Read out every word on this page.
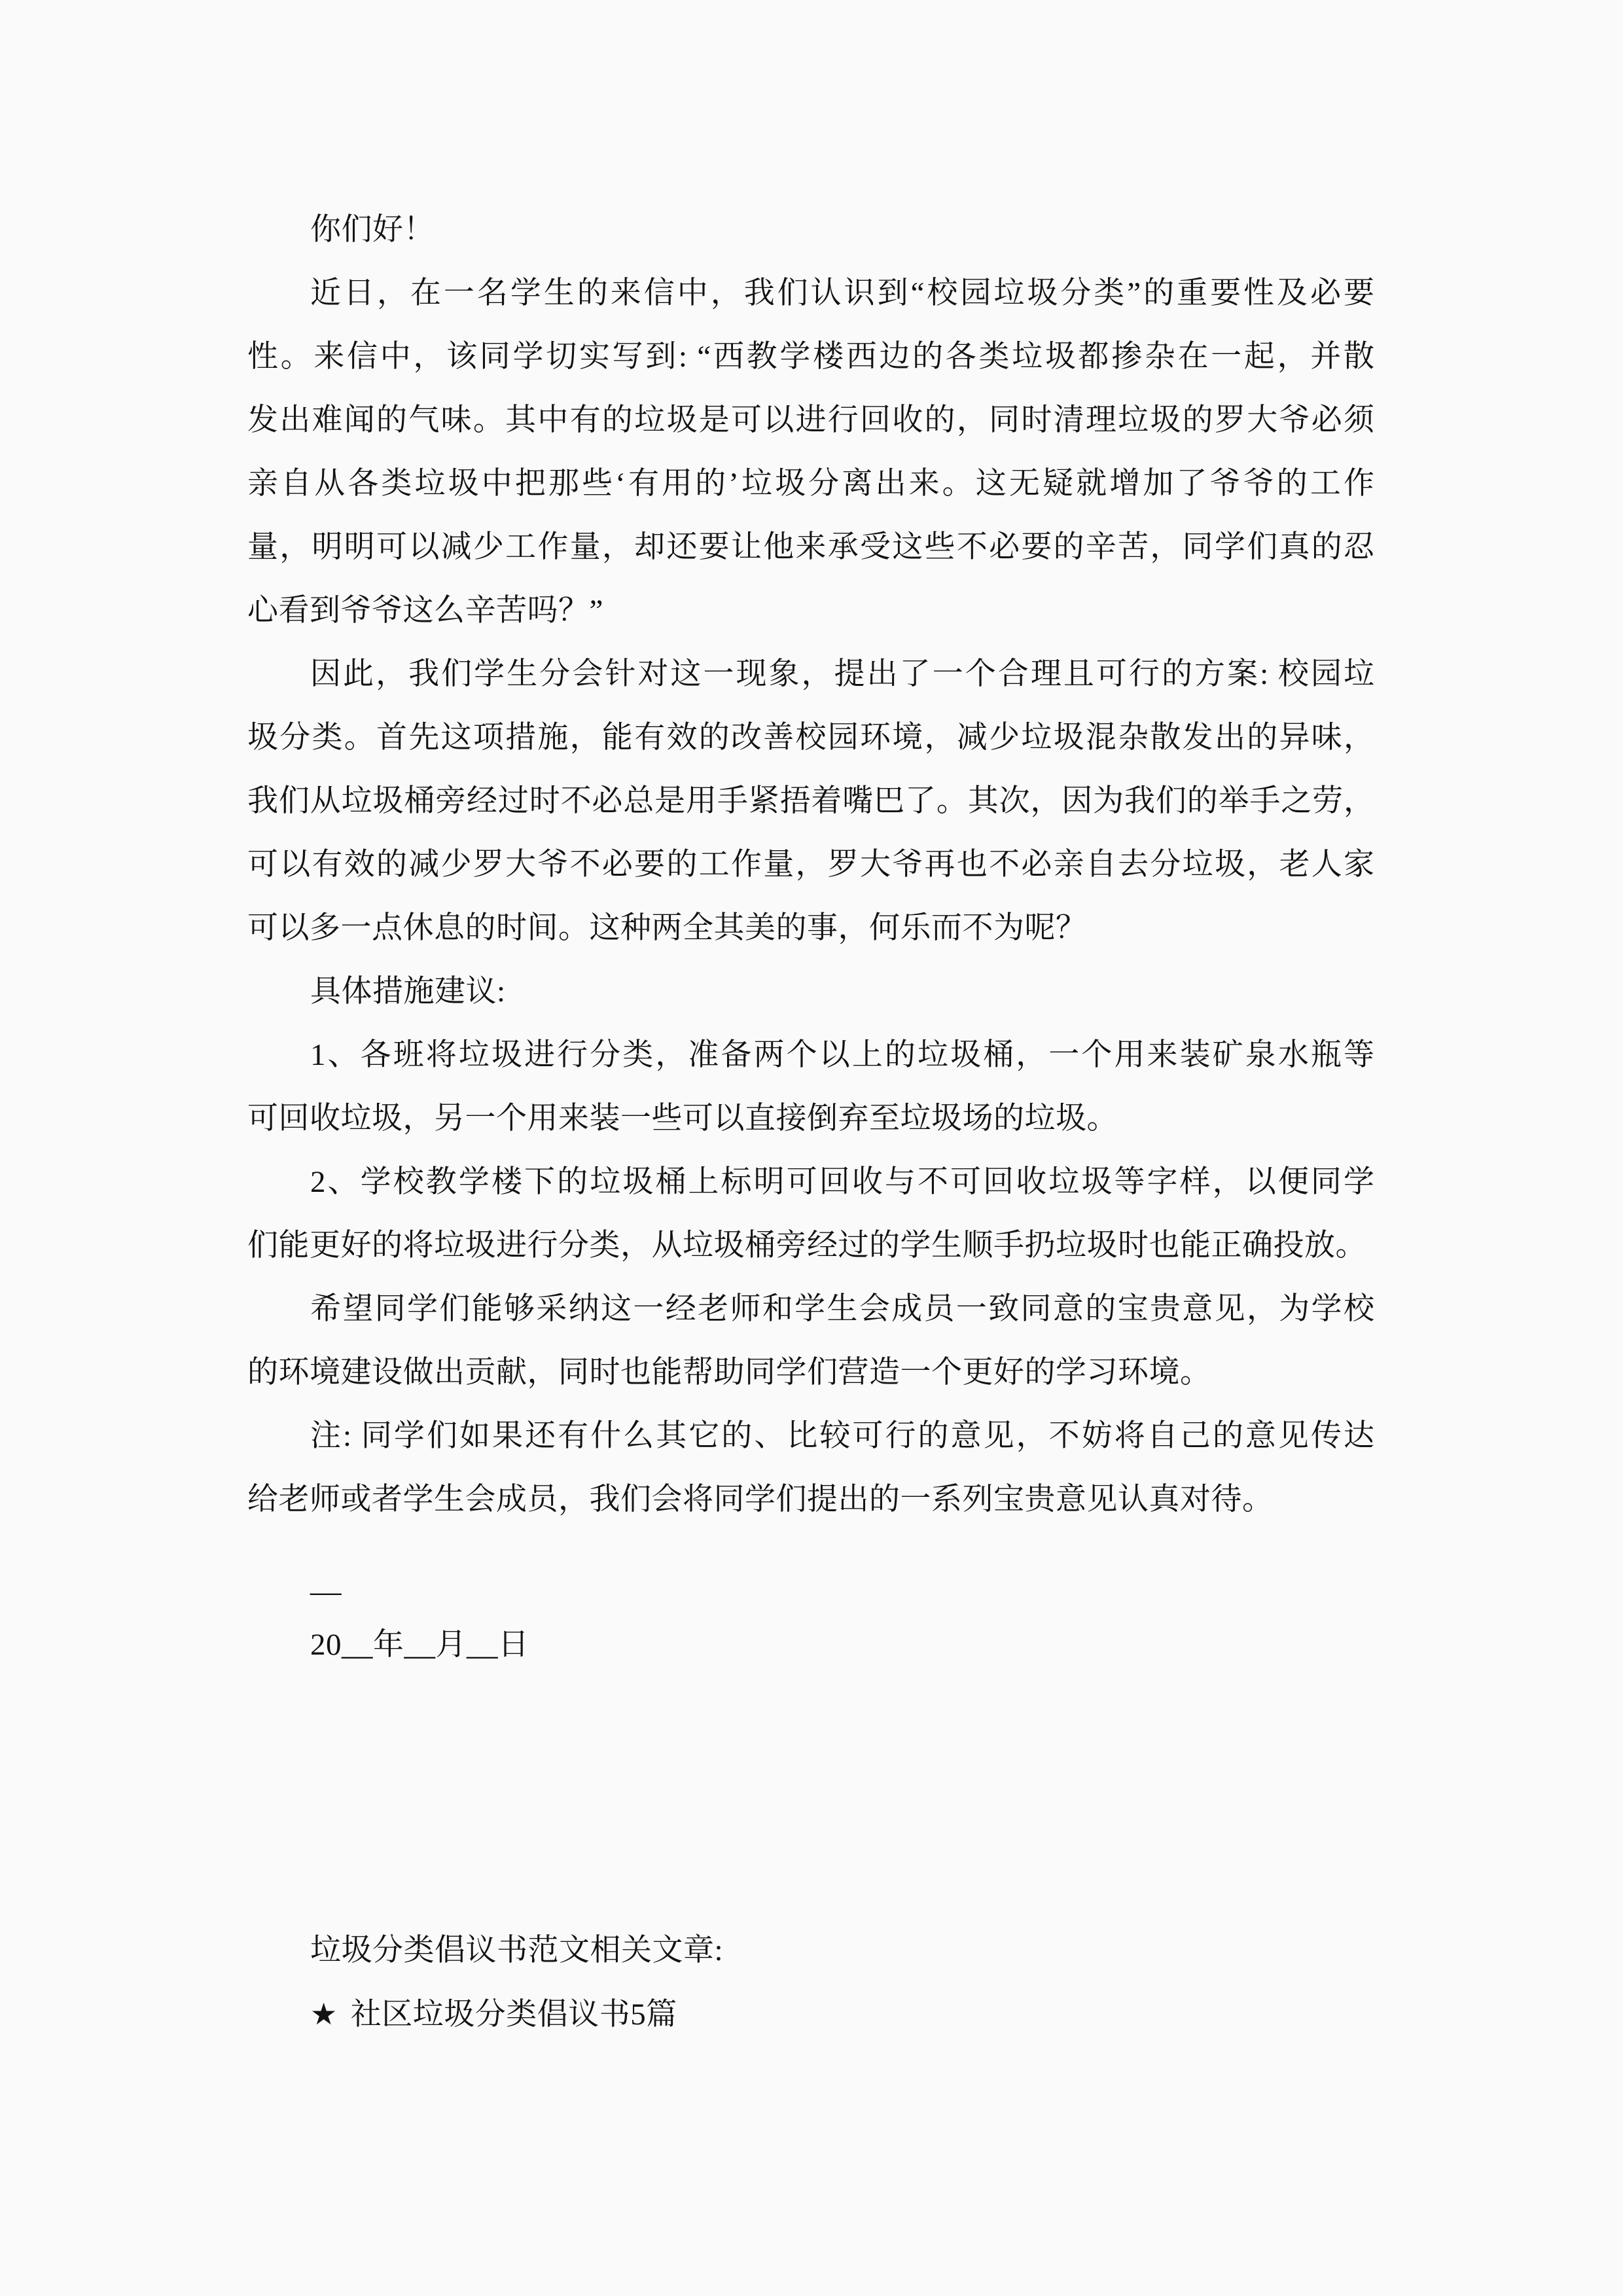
你们好！
近日，在一名学生的来信中，我们认识到“校园垃圾分类”的重要性及必要
性。来信中，该同学切实写到: “西教学楼西边的各类垃圾都掺杂在一起，并散
发出难闻的气味。其中有的垃圾是可以进行回收的，同时清理垃圾的罗大爷必须
亲自从各类垃圾中把那些‘有用的’垃圾分离出来。这无疑就增加了爷爷的工作
量，明明可以减少工作量，却还要让他来承受这些不必要的辛苦，同学们真的忍
心看到爷爷这么辛苦吗？”
因此，我们学生分会针对这一现象，提出了一个合理且可行的方案: 校园垃
圾分类。首先这项措施，能有效的改善校园环境，减少垃圾混杂散发出的异味，
我们从垃圾桶旁经过时不必总是用手紧捂着嘴巴了。其次，因为我们的举手之劳，
可以有效的减少罗大爷不必要的工作量，罗大爷再也不必亲自去分垃圾，老人家
可以多一点休息的时间。这种两全其美的事，何乐而不为呢？
具体措施建议:
1、各班将垃圾进行分类，准备两个以上的垃圾桶，一个用来装矿泉水瓶等
可回收垃圾，另一个用来装一些可以直接倒弃至垃圾场的垃圾。
2、学校教学楼下的垃圾桶上标明可回收与不可回收垃圾等字样，以便同学
们能更好的将垃圾进行分类，从垃圾桶旁经过的学生顺手扔垃圾时也能正确投放。
希望同学们能够采纳这一经老师和学生会成员一致同意的宝贵意见，为学校
的环境建设做出贡献，同时也能帮助同学们营造一个更好的学习环境。
注: 同学们如果还有什么其它的、比较可行的意见，不妨将自己的意见传达
给老师或者学生会成员，我们会将同学们提出的一系列宝贵意见认真对待。
__
20__年__月__日
垃圾分类倡议书范文相关文章:
★ 社区垃圾分类倡议书5篇
